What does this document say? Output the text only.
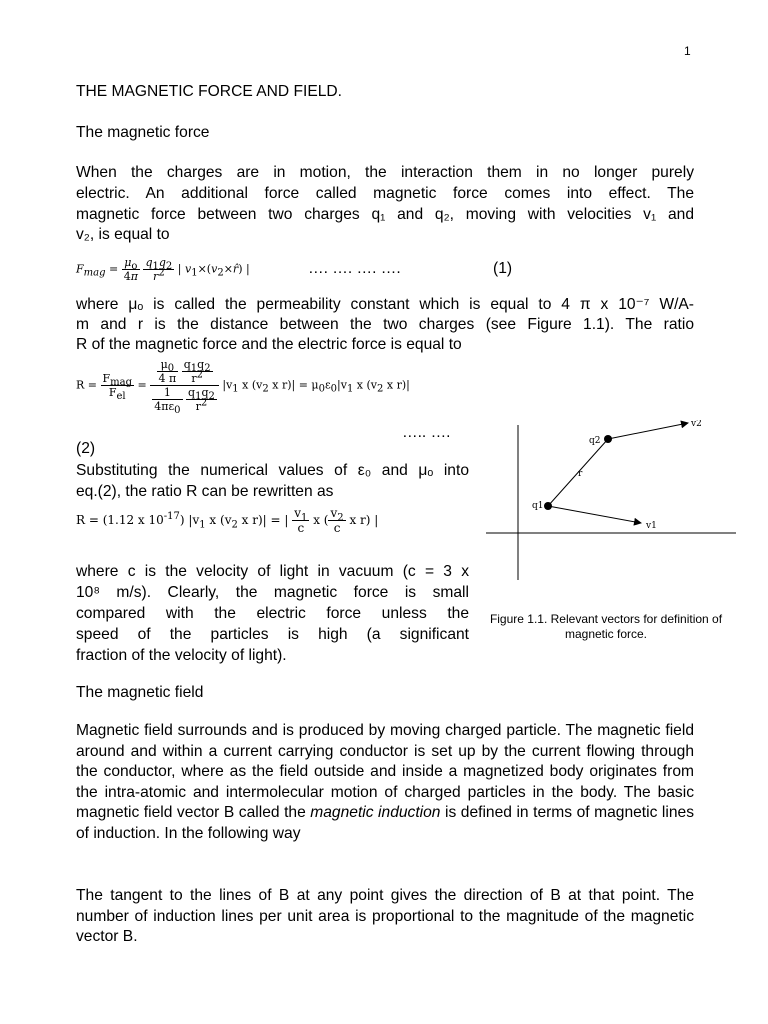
1
THE MAGNETIC FORCE AND FIELD.
The magnetic force
When the charges are in motion, the interaction them in no longer purely
electric. An additional force called magnetic force comes into effect. The
magnetic force between two charges q₁ and q₂, moving with velocities v₁ and
v₂, is equal to
$F_{mag} = \frac{\mu_o}{4\pi}$
$\frac{q_1q_2}{r^2}$ | $v_1\times(v_2\times r̂)$ |	…. …. …. ….	(1)
where μₒ is called the permeability constant which is equal to 4 π x 10⁻⁷ W/A-
m and r is the distance between the two charges (see Figure 1.1). The ratio
R of the magnetic force and the electric force is equal to
$R = \frac{F_{mag}}{F_{el}} = \frac{\mu_0}{4 \pi}$
$\frac{q_1q_2}{r^2}$
$\frac{1}{4\pi\varepsilon_0}$
$\frac{q_1q_2}{r^2} |v_1$ x ($v_2$ x $r)| = \mu_0\varepsilon_0|v_1$ x ($v_2$ x r)|
….. ….
(2)
Substituting the numerical values of ε₀ and μₒ into
eq.(2), the ratio R can be rewritten as
R = (1.12 x $10^{-17}$) $|v_1$ x ($v_2$ x r)| = | $\frac{v_1}{c}$ x ( $\frac{v_2}{c}$ x r) |
where c is the velocity of light in vacuum (c = 3 x
10⁸ m/s). Clearly, the magnetic force is small
compared with the electric force unless the
speed of the particles is high (a significant
fraction of the velocity of light).
q1
q2
r
v1
v2
Figure 1.1. Relevant vectors for definition of
magnetic force.
The magnetic field

Magnetic field surrounds and is produced by moving charged particle. The magnetic field around and within a current carrying conductor is set up by the current flowing through the conductor, where as the field outside and inside a magnetized body originates from the intra-atomic and intermolecular motion of charged particles in the body. The basic magnetic field vector B called the magnetic induction is defined in terms of magnetic lines of induction. In the following way

The tangent to the lines of B at any point gives the direction of B at that point. The number of induction lines per unit area is proportional to the magnitude of the magnetic vector B.
